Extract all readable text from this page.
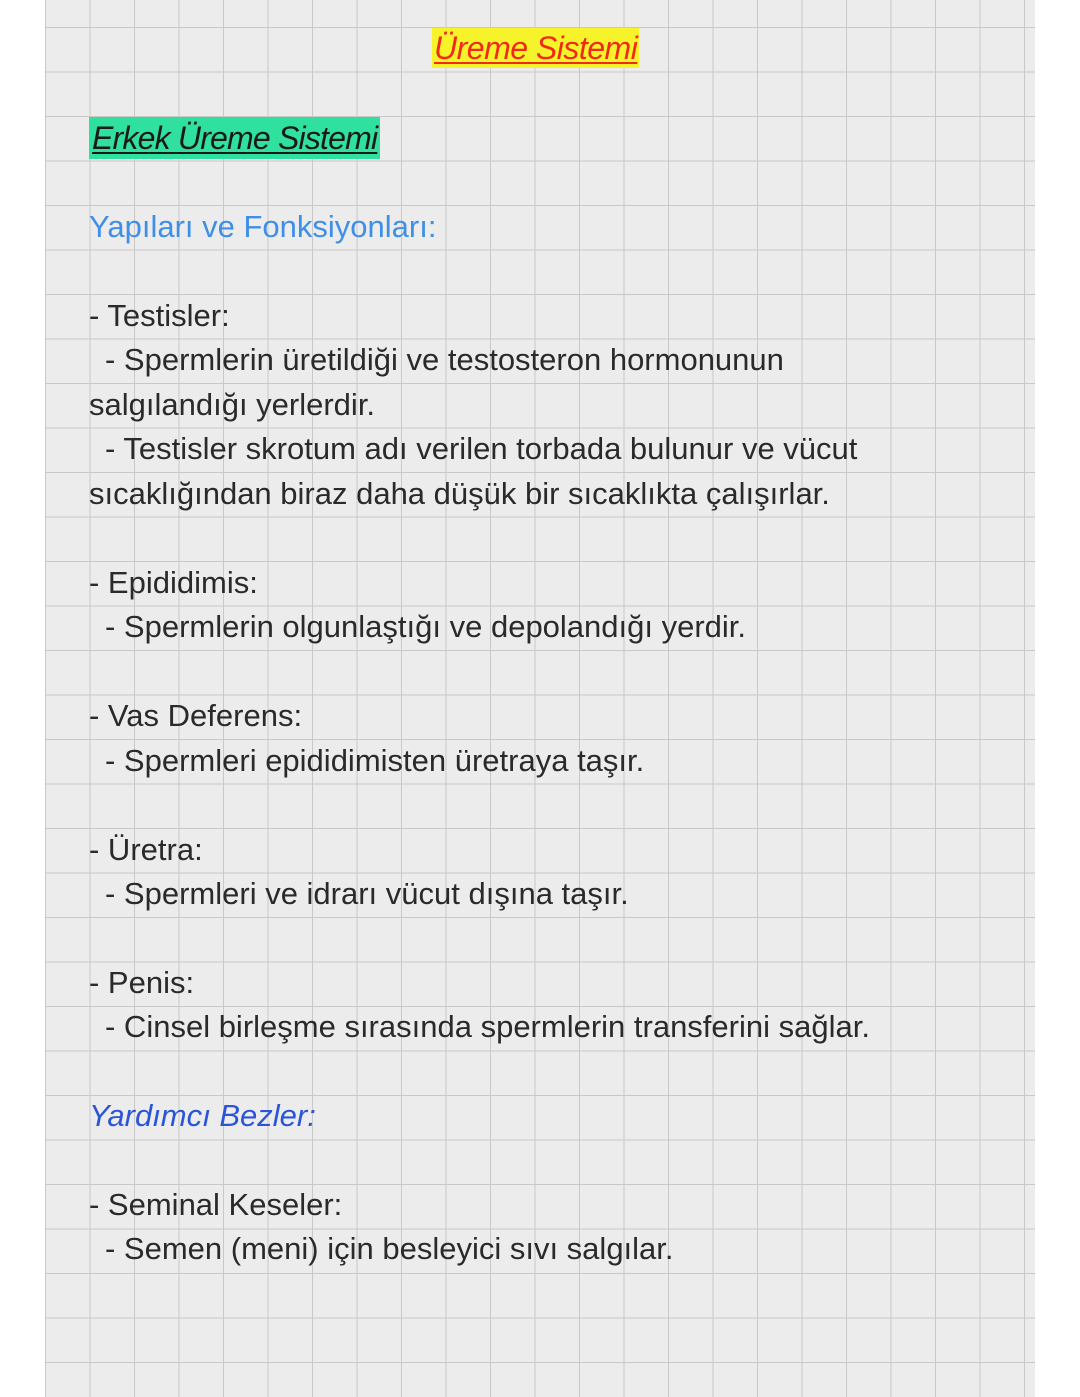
Üreme Sistemi
Erkek Üreme Sistemi
Yapıları ve Fonksiyonları:
- Testisler:
- Spermlerin üretildiği ve testosteron hormonunun
salgılandığı yerlerdir.
- Testisler skrotum adı verilen torbada bulunur ve vücut
sıcaklığından biraz daha düşük bir sıcaklıkta çalışırlar.
- Epididimis:
- Spermlerin olgunlaştığı ve depolandığı yerdir.
- Vas Deferens:
- Spermleri epididimisten üretraya taşır.
- Üretra:
- Spermleri ve idrarı vücut dışına taşır.
- Penis:
- Cinsel birleşme sırasında spermlerin transferini sağlar.
Yardımcı Bezler:
- Seminal Keseler:
- Semen (meni) için besleyici sıvı salgılar.
